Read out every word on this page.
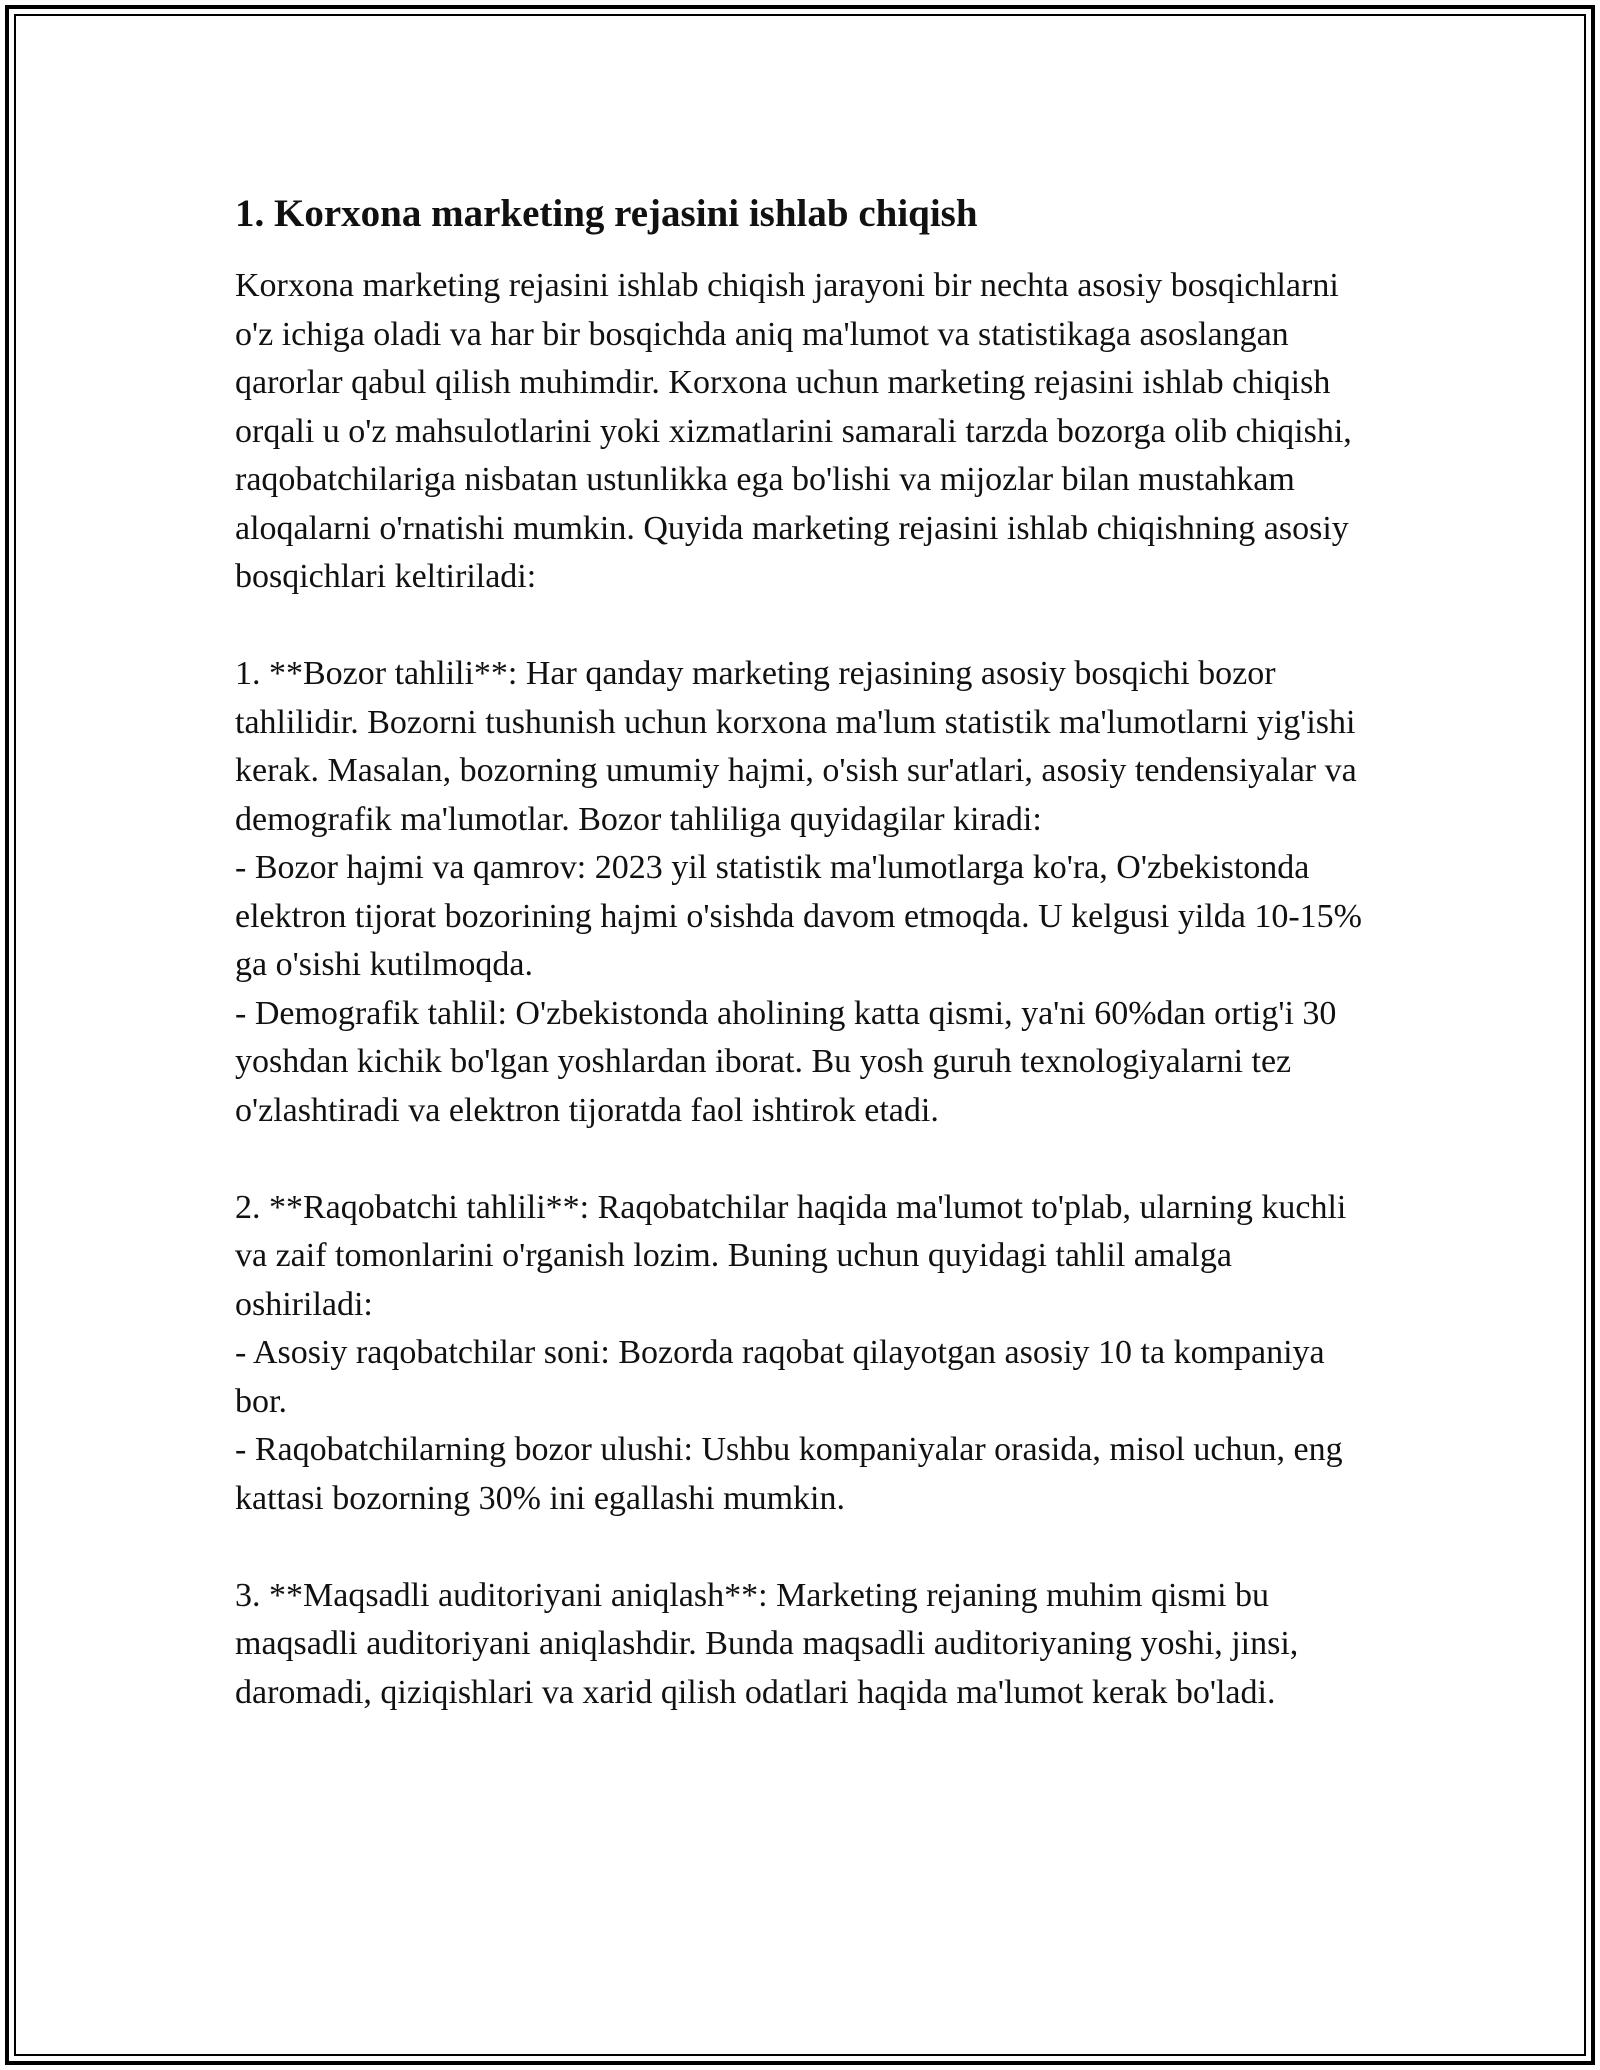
1. Korxona marketing rejasini ishlab chiqish
Korxona marketing rejasini ishlab chiqish jarayoni bir nechta asosiy bosqichlarni o'z ichiga oladi va har bir bosqichda aniq ma'lumot va statistikaga asoslangan qarorlar qabul qilish muhimdir. Korxona uchun marketing rejasini ishlab chiqish orqali u o'z mahsulotlarini yoki xizmatlarini samarali tarzda bozorga olib chiqishi, raqobatchilariga nisbatan ustunlikka ega bo'lishi va mijozlar bilan mustahkam aloqalarni o'rnatishi mumkin. Quyida marketing rejasini ishlab chiqishning asosiy bosqichlari keltiriladi:
1. **Bozor tahlili**: Har qanday marketing rejasining asosiy bosqichi bozor tahlilidir. Bozorni tushunish uchun korxona ma'lum statistik ma'lumotlarni yig'ishi kerak. Masalan, bozorning umumiy hajmi, o'sish sur'atlari, asosiy tendensiyalar va demografik ma'lumotlar. Bozor tahliliga quyidagilar kiradi:
- Bozor hajmi va qamrov: 2023 yil statistik ma'lumotlarga ko'ra, O'zbekistonda elektron tijorat bozorining hajmi o'sishda davom etmoqda. U kelgusi yilda 10-15% ga o'sishi kutilmoqda.
- Demografik tahlil: O'zbekistonda aholining katta qismi, ya'ni 60%dan ortig'i 30 yoshdan kichik bo'lgan yoshlardan iborat. Bu yosh guruh texnologiyalarni tez o'zlashtiradi va elektron tijoratda faol ishtirok etadi.
2. **Raqobatchi tahlili**: Raqobatchilar haqida ma'lumot to'plab, ularning kuchli va zaif tomonlarini o'rganish lozim. Buning uchun quyidagi tahlil amalga oshiriladi:
- Asosiy raqobatchilar soni: Bozorda raqobat qilayotgan asosiy 10 ta kompaniya bor.
- Raqobatchilarning bozor ulushi: Ushbu kompaniyalar orasida, misol uchun, eng kattasi bozorning 30% ini egallashi mumkin.
3. **Maqsadli auditoriyani aniqlash**: Marketing rejaning muhim qismi bu maqsadli auditoriyani aniqlashdir. Bunda maqsadli auditoriyaning yoshi, jinsi, daromadi, qiziqishlari va xarid qilish odatlari haqida ma'lumot kerak bo'ladi.
